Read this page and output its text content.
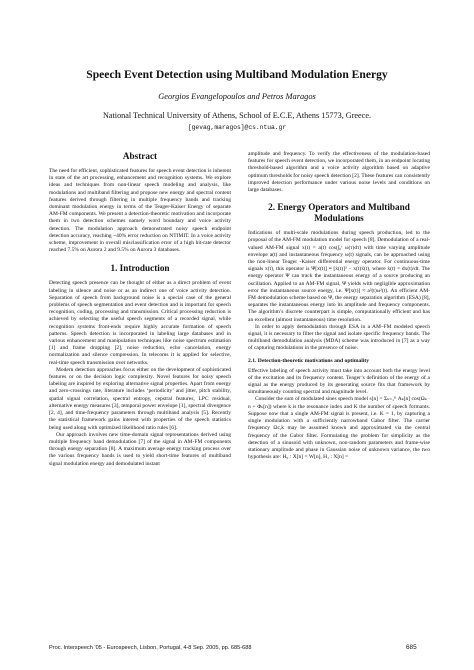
Speech Event Detection using Multiband Modulation Energy
Georgios Evangelopoulos and Petros Maragos
National Technical University of Athens, School of E.C.E, Athens 15773, Greece.
[gevag,maragos]@cs.ntua.gr
Abstract

The need for efficient, sophisticated features for speech event detection is inherent in state of the art processing, enhancement and recognition systems. We explore ideas and techniques from non-linear speech modeling and analysis, like modulations and multiband filtering and propose new energy and spectral content features derived through filtering in multiple frequency bands and tracking dominant modulation energy in terms of the Teager-Kaiser Energy of separate AM-FM components. We present a detection-theoretic motivation and incorporate them in two detection schemes namely word boundary and voice activity detection. The modulation approach demonstrated noisy speech endpoint detection accuracy, reaching ~40% error reduction on NTIMIT. In a voice activity scheme, improvement in overall misclassification error of a high hit-rate detector reached 7.5% on Aurora 2 and 9.5% on Aurora 3 databases.

1. Introduction

Detecting speech presence can be thought of either as a direct problem of event labeling in silence and noise or as an indirect one of voice activity detection. Separation of speech from background noise is a special case of the general problems of speech segmentation and event detection and is important for speech recognition, coding, processing and transmission. Critical processing reduction is achieved by selecting the useful speech segments of a recorded signal, while recognition systems front-ends require highly accurate formation of speech patterns. Speech detection is incorporated in labeling large databases and in various enhancement and manipulation techniques like noise spectrum estimation [1] and frame dropping [2], noise reduction, echo cancelation, energy normalization and silence compression. In telecoms it is applied for selective, real-time speech transmission over networks.

Modern detection approaches focus either on the development of sophisticated features or on the decision logic complexity. Novel features for noisy speech labeling are inspired by exploring alternative signal properties. Apart from energy and zero-crossings rate, literature includes ‘periodicity’ and jitter, pitch stability, spatial signal correlation, spectral entropy, cepstral features, LPC residual, alternative energy measures [3], temporal power envelope [1], spectral divergence [2, 4], and time-frequency parameters through multiband analysis [5]. Recently the statistical framework gains interest with properties of the speech statistics being used along with optimized likelihood ratio rules [6].

Our approach involves new time-domain signal representations derived using multiple frequency band demodulation [7] of the signal in AM-FM components through energy separation [8]. A maximum average energy tracking process over the various frequency bands is used to yield short-time features of multiband signal modulation energy and demodulated instant

amplitude and frequency. To verify the effectiveness of the modulation-based features for speech event detection, we incorporated them, in an endpoint locating threshold-based algorithm and a voice activity algorithm based on adaptive optimum thresholds for noisy speech detection [2]. These features can consistently improved detection performance under various noise levels and conditions on large databases.

2. Energy Operators and Multiband Modulations

Indications of multi-scale modulations during speech production, led to the proposal of the AM-FM modulation model for speech [8]. Demodulation of a real-valued AM-FM signal x(t) = a(t) cos(∫₀ᵗ ω(τ)dτ) with time varying amplitude envelope a(t) and instantaneous frequency ω(t) signals, can be approached using the non-linear Teager -Kaiser differential energy operator. For continuous-time signals x(t), this operator is Ψ[x(t)] ≡ [ẋ(t)]² − x(t)ẍ(t), where ẋ(t) = dx(t)/dt. The energy operator Ψ can track the instantaneous energy of a source producing an oscillation. Applied to an AM-FM signal, Ψ yields with negligible approximation error the instantaneous source energy, i.e. Ψ[x(t)] ≈ a²(t)ω²(t). An efficient AM-FM demodulation scheme based on Ψ, the energy separation algorithm (ESA) [8], separates the instantaneous energy into its amplitude and frequency components. The algorithm’s discrete counterpart is simple, computationally efficient and has an excellent (almost instantaneous) time resolution.

In order to apply demodulation through ESA in a AM–FM modeled speech signal, it is necessary to filter the signal and isolate specific frequency bands. The multiband demodulation analysis (MDA) scheme was introduced in [7] as a way of capturing modulations in the presence of noise.

2.1. Detection-theoretic motivations and optimality

Effective labeling of speech activity must take into account both the energy level of the excitation and its frequency content. Teager’s definition of the energy of a signal as the energy produced by its generating source fits that framework by simultaneously counting spectral and magnitude level.

Consider the sum of modulated sines speech model s[n] = Σₖ₌₁ᴷ Aₖ[n] cos(Ωₖ · n + Φₖ[n]) where k is the resonance index and K the number of speech formants. Suppose now that a single AM-FM signal is present, i.e. K = 1, by capturing a single modulation with a sufficiently narrowband Gabor filter. The carrier frequency Ωc,k may be assumed known and approximated via the central frequency of the Gabor filter. Formulating the problem for simplicity as the detection of a sinusoid with unknown, non-random parameters and frame-wise stationary amplitude and phase in Gaussian noise of unknown variance, the two hypothesis are: H₀ : X[n] = W[n], H₁ : X[n] =

Proc. Interspeech ’05 - Eurospeech, Lisbon, Portugal, 4-8 Sep. 2005, pp. 685-688	685
